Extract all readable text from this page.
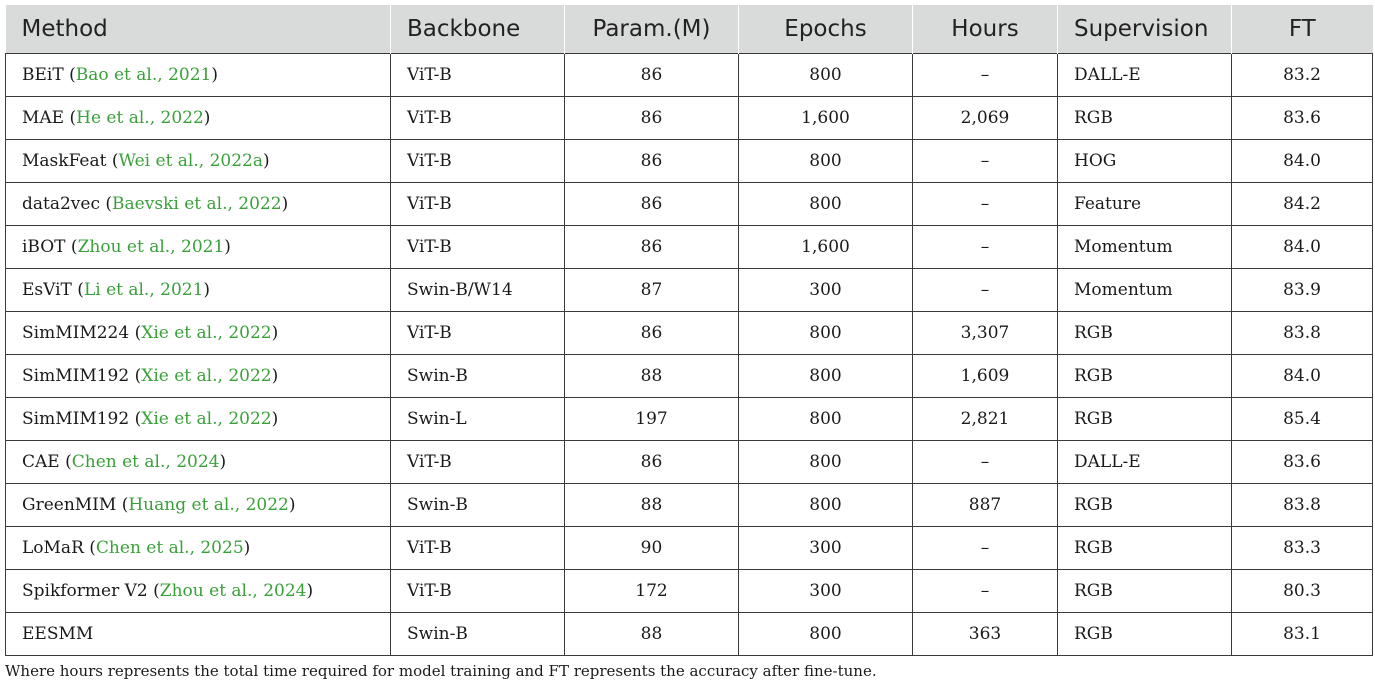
Method	Backbone	Param.(M)	Epochs	Hours	Supervision	FT
BEiT (Bao et al., 2021)	ViT-B	86	800	–	DALL-E	83.2
MAE (He et al., 2022)	ViT-B	86	1,600	2,069	RGB	83.6
MaskFeat (Wei et al., 2022a)	ViT-B	86	800	–	HOG	84.0
data2vec (Baevski et al., 2022)	ViT-B	86	800	–	Feature	84.2
iBOT (Zhou et al., 2021)	ViT-B	86	1,600	–	Momentum	84.0
EsViT (Li et al., 2021)	Swin-B/W14	87	300	–	Momentum	83.9
SimMIM224 (Xie et al., 2022)	ViT-B	86	800	3,307	RGB	83.8
SimMIM192 (Xie et al., 2022)	Swin-B	88	800	1,609	RGB	84.0
SimMIM192 (Xie et al., 2022)	Swin-L	197	800	2,821	RGB	85.4
CAE (Chen et al., 2024)	ViT-B	86	800	–	DALL-E	83.6
GreenMIM (Huang et al., 2022)	Swin-B	88	800	887	RGB	83.8
LoMaR (Chen et al., 2025)	ViT-B	90	300	–	RGB	83.3
Spikformer V2 (Zhou et al., 2024)	ViT-B	172	300	–	RGB	80.3
EESMM	Swin-B	88	800	363	RGB	83.1
Where hours represents the total time required for model training and FT represents the accuracy after fine-tune.
